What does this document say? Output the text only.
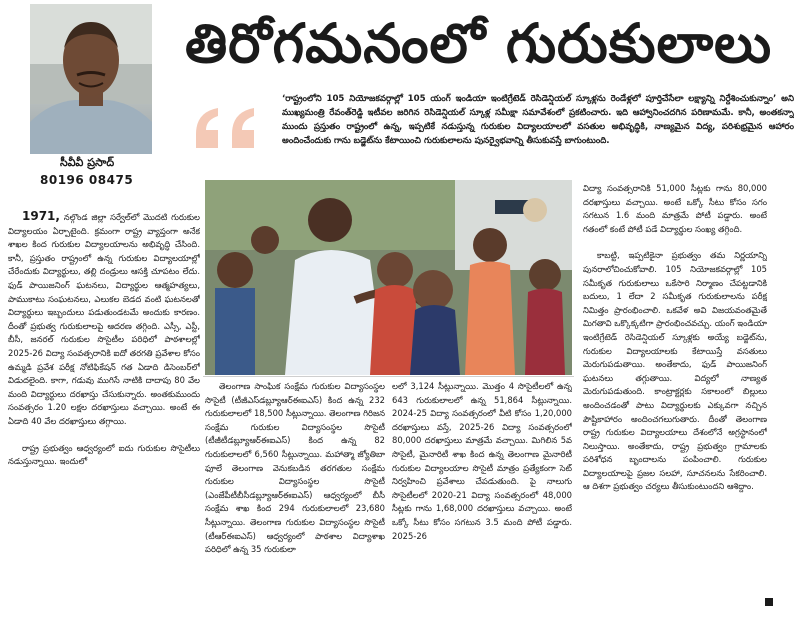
తిరోగమనంలో గురుకులాలు
‘రాష్ట్రంలోని 105 నియోజకవర్గాల్లో 105 యంగ్ ఇండియా ఇంటిగ్రేటెడ్ రెసిడెన్షియల్ స్కూళ్లను రెండేళ్లలో పూర్తిచేసేలా లక్ష్యాన్ని నిర్దేశించుకున్నాం’ అని ముఖ్యమంత్రి రేవంత్‌రెడ్డి ఇటీవల జరిగిన రెసిడెన్షియల్ స్కూళ్ల సమీక్షా సమావేశంలో ప్రకటించారు. ఇది ఆహ్వానించదగిన పరిణామమే. కానీ, అంతకన్నా ముందు ప్రస్తుతం రాష్ట్రంలో ఉన్న, ఇప్పటికే నడుస్తున్న గురుకుల విద్యాలయాలలో వసతుల అభివృద్ధికి, నాణ్యమైన విద్య, పరిశుభ్రమైన ఆహారం అందించేందుకు గాను బడ్జెట్‌ను కేటాయించి గురుకులాలను పునర్వైభవాన్ని తీసుకువస్తే బాగుంటుంది.
సీవీవీ ప్రసాద్
80196 08475

1971, నల్గొండ జిల్లా సర్వేల్‌లో మొదటి గురుకుల విద్యాలయం ఏర్పాటైంది. క్రమంగా రాష్ట్ర వ్యాప్తంగా అనేక శాఖల కింద గురుకుల విద్యాలయాలను అభివృద్ధి చేసింది. కానీ, ప్రస్తుతం రాష్ట్రంలో ఉన్న గురుకుల విద్యాలయాల్లో చేరేందుకు విద్యార్థులు, తల్లి దండ్రులు ఆసక్తి చూపటం లేదు. ఫుడ్ పాయిజనింగ్ ఘటనలు, విద్యార్థుల ఆత్మహత్యలు, పాముకాటు సంఘటనలు, ఎలుకల బెడద వంటి ఘటనలతో విద్యార్థులు ఇబ్బందులు పడుతుండటమే అందుకు కారణం. దీంతో ప్రభుత్వ గురుకులాలపై ఆదరణ తగ్గింది. ఎస్సీ, ఎస్టీ, బీసీ, జనరల్ గురుకుల సొసైటీల పరిధిలో పాఠశాలల్లో 2025-26 విద్యా సంవత్సరానికి ఐదో తరగతి ప్రవేశాల కోసం ఉమ్మడి ప్రవేశ పరీక్ష నోటిఫికేషన్ గత ఏడాది డిసెంబర్‌లో విడుదలైంది. కాగా, గడువు ముగిసే నాటికి దాదాపు 80 వేల మంది విద్యార్థులు దరఖాస్తు చేసుకున్నారు. అంతకుముందు సంవత్సరం 1.20 లక్షల దరఖాస్తులు వచ్చాయి. అంటే ఈ ఏడాది 40 వేల దరఖాస్తులు తగ్గాయి.

రాష్ట్ర ప్రభుత్వం ఆధ్వర్యంలో ఐదు గురుకుల సొసైటీలు నడుస్తున్నాయి. ఇందులో

తెలంగాణ సాంఘిక సంక్షేమ గురుకుల విద్యాసంస్థల సొసైటీ (టీజీఎస్‌డబ్ల్యూఆర్ఈఐఎస్) కింద ఉన్న 232 గురుకులాలలో 18,500 సీట్లున్నాయి. తెలంగాణ గిరిజన సంక్షేమ గురుకుల విద్యాసంస్థల సొసైటీ (టీజీటీడబ్ల్యూఆర్ఈఐఎస్) కింద ఉన్న 82 గురుకులాలలో 6,560 సీట్లున్నాయి. మహాత్మా జ్యోతిబా ఫూలే తెలంగాణ వెనుకబడిన తరగతుల సంక్షేమ గురుకుల విద్యాసంస్థల సొసైటీ (ఎంజేపీటీబీసీడబ్ల్యూఆర్ఈఐఎస్) ఆధ్వర్యంలో బీసీ సంక్షేమ శాఖ కింద 294 గురుకులాలలో 23,680 సీట్లున్నాయి. తెలంగాణ గురుకుల విద్యాసంస్థల సొసైటీ (టీఆర్ఈఐఎస్) ఆధ్వర్యంలో పాఠశాల విద్యాశాఖ పరిధిలో ఉన్న 35 గురుకులా

లలో 3,124 సీట్లున్నాయి. మొత్తం 4 సొసైటీలలో ఉన్న 643 గురుకులాలలో ఉన్న 51,864 సీట్లున్నాయి. 2024-25 విద్యా సంవత్సరంలో వీటి కోసం 1,20,000 దరఖాస్తులు వస్తే, 2025-26 విద్యా సంవత్సరంలో 80,000 దరఖాస్తులు మాత్రమే వచ్చాయి. మిగిలిన 5వ సొసైటీ, మైనారిటీ శాఖ కింద ఉన్న తెలంగాణ మైనారిటీ గురుకుల విద్యాలయాల సొసైటీ మాత్రం ప్రత్యేకంగా సెట్ నిర్వహించి ప్రవేశాలు చేపడుతుంది. పై నాలుగు సొసైటీలలో 2020-21 విద్యా సంవత్సరంలో 48,000 సీట్లకు గాను 1,68,000 దరఖాస్తులు వచ్చాయి. అంటే ఒక్కో సీటు కోసం సగటున 3.5 మంది పోటీ పడ్డారు. 2025-26

విద్యా సంవత్సరానికి 51,000 సీట్లకు గాను 80,000 దరఖాస్తులు వచ్చాయి. అంటే ఒక్కో సీటు కోసం సగం సగటున 1.6 మంది మాత్రమే పోటీ పడ్డారు. అంటే గతంలో కంటే పోటీ పడే విద్యార్థుల సంఖ్య తగ్గింది.

కాబట్టి, ఇప్పటికైనా ప్రభుత్వం తమ నిర్ణయాన్ని పునరాలోచించుకోవాలి. 105 నియోజకవర్గాల్లో 105 సమీకృత గురుకులాలు ఒకేసారి నిర్మాణం చేపట్టడానికి బదులు, 1 లేదా 2 సమీకృత గురుకులాలను పరీక్ష నిమిత్తం ప్రారంభించాలి. ఒకవేళ అవి విజయవంతమైతే మిగతావి ఒక్కొక్కటిగా ప్రారంభించవచ్చు. యంగ్ ఇండియా ఇంటిగ్రేటెడ్ రెసిడెన్షియల్ స్కూళ్లకు అయ్యే బడ్జెట్‌ను, గురుకుల విద్యాలయాలకు కేటాయిస్తే వసతులు మెరుగుపడుతాయి. అంతేకాదు, ఫుడ్ పాయిజనింగ్ ఘటనలు తగ్గుతాయి. విద్యలో నాణ్యత మెరుగుపడుతుంది. కాంట్రాక్టర్లకు సకాలంలో బిల్లులు అందించడంతో పాటు విద్యార్థులకు ఎక్కువగా నచ్చిన పౌష్టికాహారం అందించగలుగుతారు. దీంతో తెలంగాణ రాష్ట్ర గురుకుల విద్యాలయాలు దేశంలోనే అగ్రస్థానంలో నిలుస్తాయి. అంతేకాదు, రాష్ట్ర ప్రభుత్వం గ్రామాలకు పరిశోధన బృందాలను పంపించాలి. గురుకుల విద్యాలయాలపై ప్రజల సలహా, సూచనలను సేకరించాలి. ఆ దిశగా ప్రభుత్వం చర్యలు తీసుకుంటుందని ఆశిద్దాం.
